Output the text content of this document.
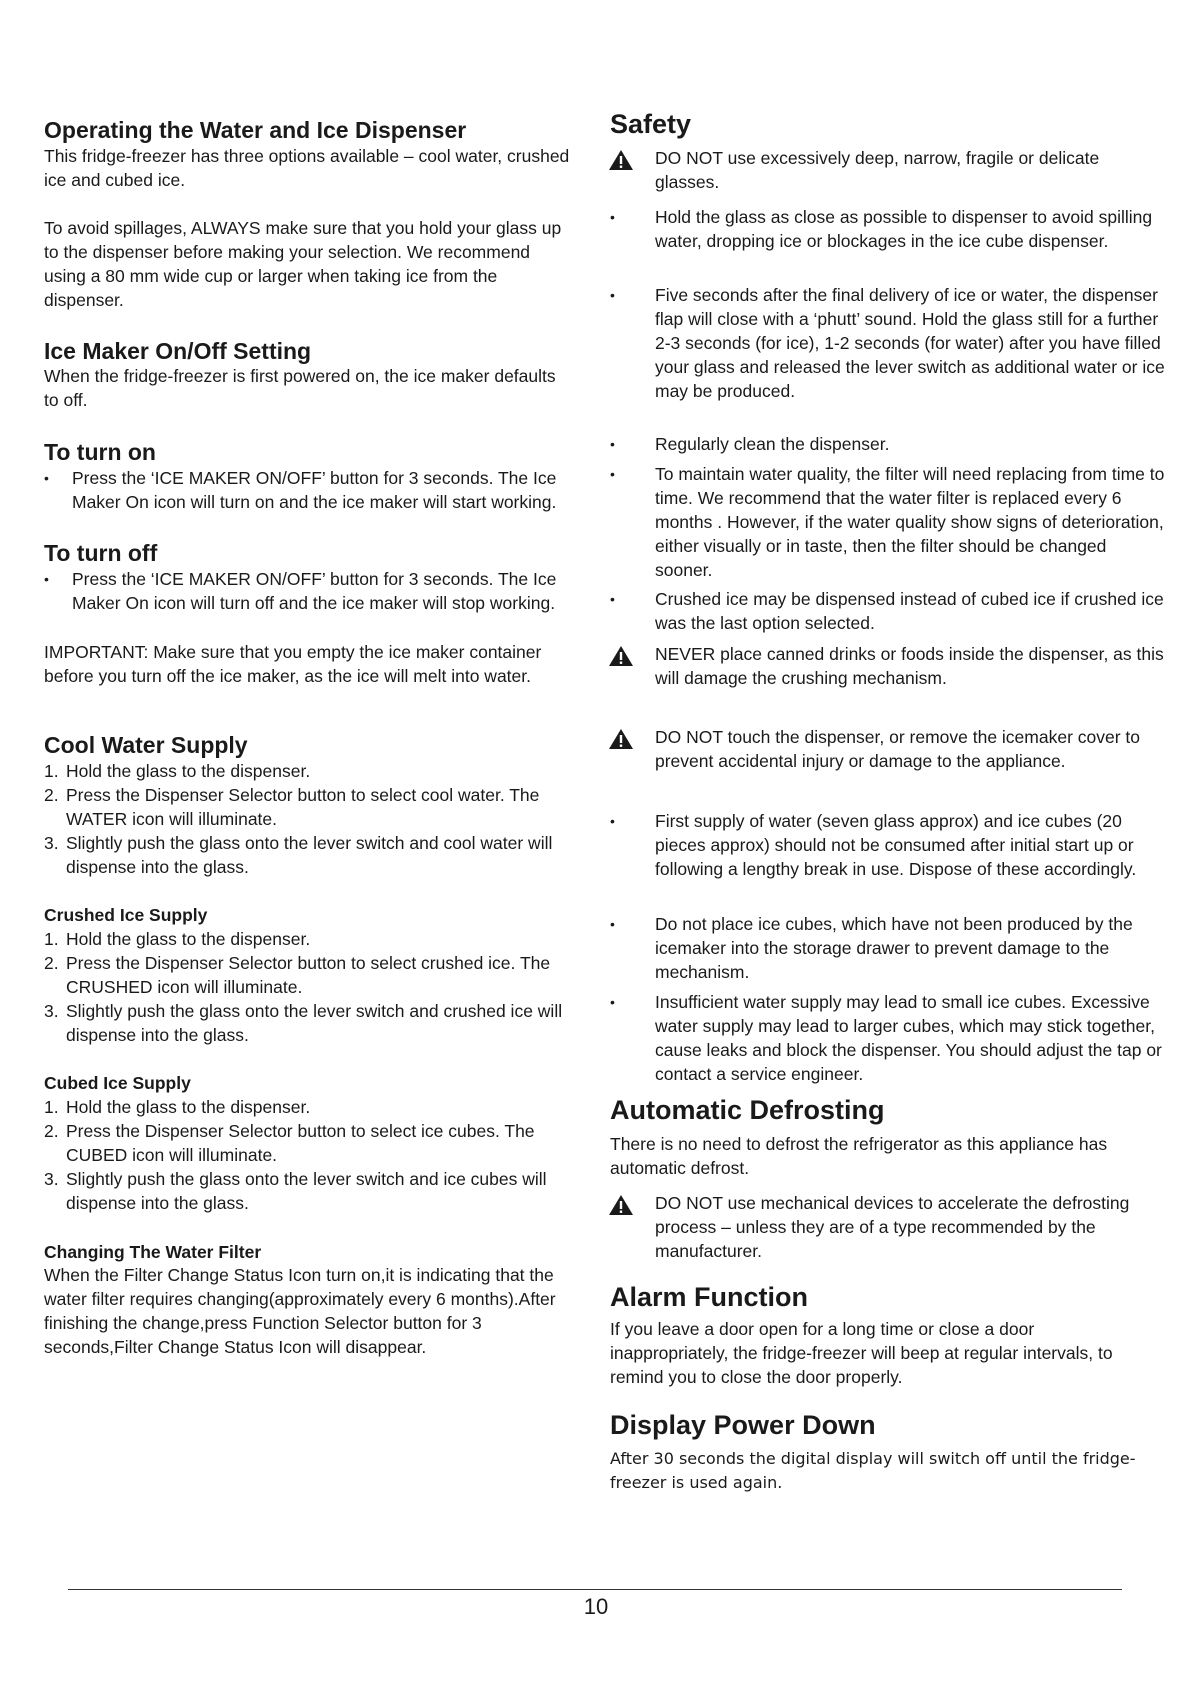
Operating the Water and Ice Dispenser
This fridge-freezer has three options available – cool water, crushed ice and cubed ice.
To avoid spillages, ALWAYS make sure that you hold your glass up to the dispenser before making your selection. We recommend using a 80 mm wide cup or larger when taking ice from the dispenser.
Ice Maker On/Off Setting
When the fridge-freezer is first powered on, the ice maker defaults to off.
To turn on
• Press the ‘ICE MAKER ON/OFF’ button for 3 seconds. The Ice Maker On icon will turn on and the ice maker will start working.
To turn off
• Press the ‘ICE MAKER ON/OFF’ button for 3 seconds. The Ice Maker On icon will turn off and the ice maker will stop working.
IMPORTANT: Make sure that you empty the ice maker container before you turn off the ice maker, as the ice will melt into water.
Cool Water Supply
1. Hold the glass to the dispenser.
2. Press the Dispenser Selector button to select cool water. The WATER icon will illuminate.
3. Slightly push the glass onto the lever switch and cool water will dispense into the glass.
Crushed Ice Supply
1. Hold the glass to the dispenser.
2. Press the Dispenser Selector button to select crushed ice. The CRUSHED icon will illuminate.
3. Slightly push the glass onto the lever switch and crushed ice will dispense into the glass.
Cubed Ice Supply
1. Hold the glass to the dispenser.
2. Press the Dispenser Selector button to select ice cubes. The CUBED icon will illuminate.
3. Slightly push the glass onto the lever switch and ice cubes will dispense into the glass.
Changing The Water Filter
When the Filter Change Status Icon turn on,it is indicating that the water filter requires changing(approximately every 6 months).After finishing the change,press Function Selector button for 3 seconds,Filter Change Status Icon will disappear.
Safety
DO NOT use excessively deep, narrow, fragile or delicate glasses.
• Hold the glass as close as possible to dispenser to avoid spilling water, dropping ice or blockages in the ice cube dispenser.
• Five seconds after the final delivery of ice or water, the dispenser flap will close with a ‘phutt’ sound. Hold the glass still for a further 2-3 seconds (for ice), 1-2 seconds (for water) after you have filled your glass and released the lever switch as additional water or ice may be produced.
• Regularly clean the dispenser.
• To maintain water quality, the filter will need replacing from time to time. We recommend that the water filter is replaced every 6 months . However, if the water quality show signs of deterioration, either visually or in taste, then the filter should be changed sooner.
• Crushed ice may be dispensed instead of cubed ice if crushed ice was the last option selected.
NEVER place canned drinks or foods inside the dispenser, as this will damage the crushing mechanism.
DO NOT touch the dispenser, or remove the icemaker cover to prevent accidental injury or damage to the appliance.
• First supply of water (seven glass approx) and ice cubes (20 pieces approx) should not be consumed after initial start up or following a lengthy break in use. Dispose of these accordingly.
• Do not place ice cubes, which have not been produced by the icemaker into the storage drawer to prevent damage to the mechanism.
• Insufficient water supply may lead to small ice cubes. Excessive water supply may lead to larger cubes, which may stick together, cause leaks and block the dispenser. You should adjust the tap or contact a service engineer.
Automatic Defrosting
There is no need to defrost the refrigerator as this appliance has automatic defrost.
DO NOT use mechanical devices to accelerate the defrosting process – unless they are of a type recommended by the manufacturer.
Alarm Function
If you leave a door open for a long time or close a door inappropriately, the fridge-freezer will beep at regular intervals, to remind you to close the door properly.
Display Power Down
After 30 seconds the digital display will switch off until the fridge-freezer is used again.
10
